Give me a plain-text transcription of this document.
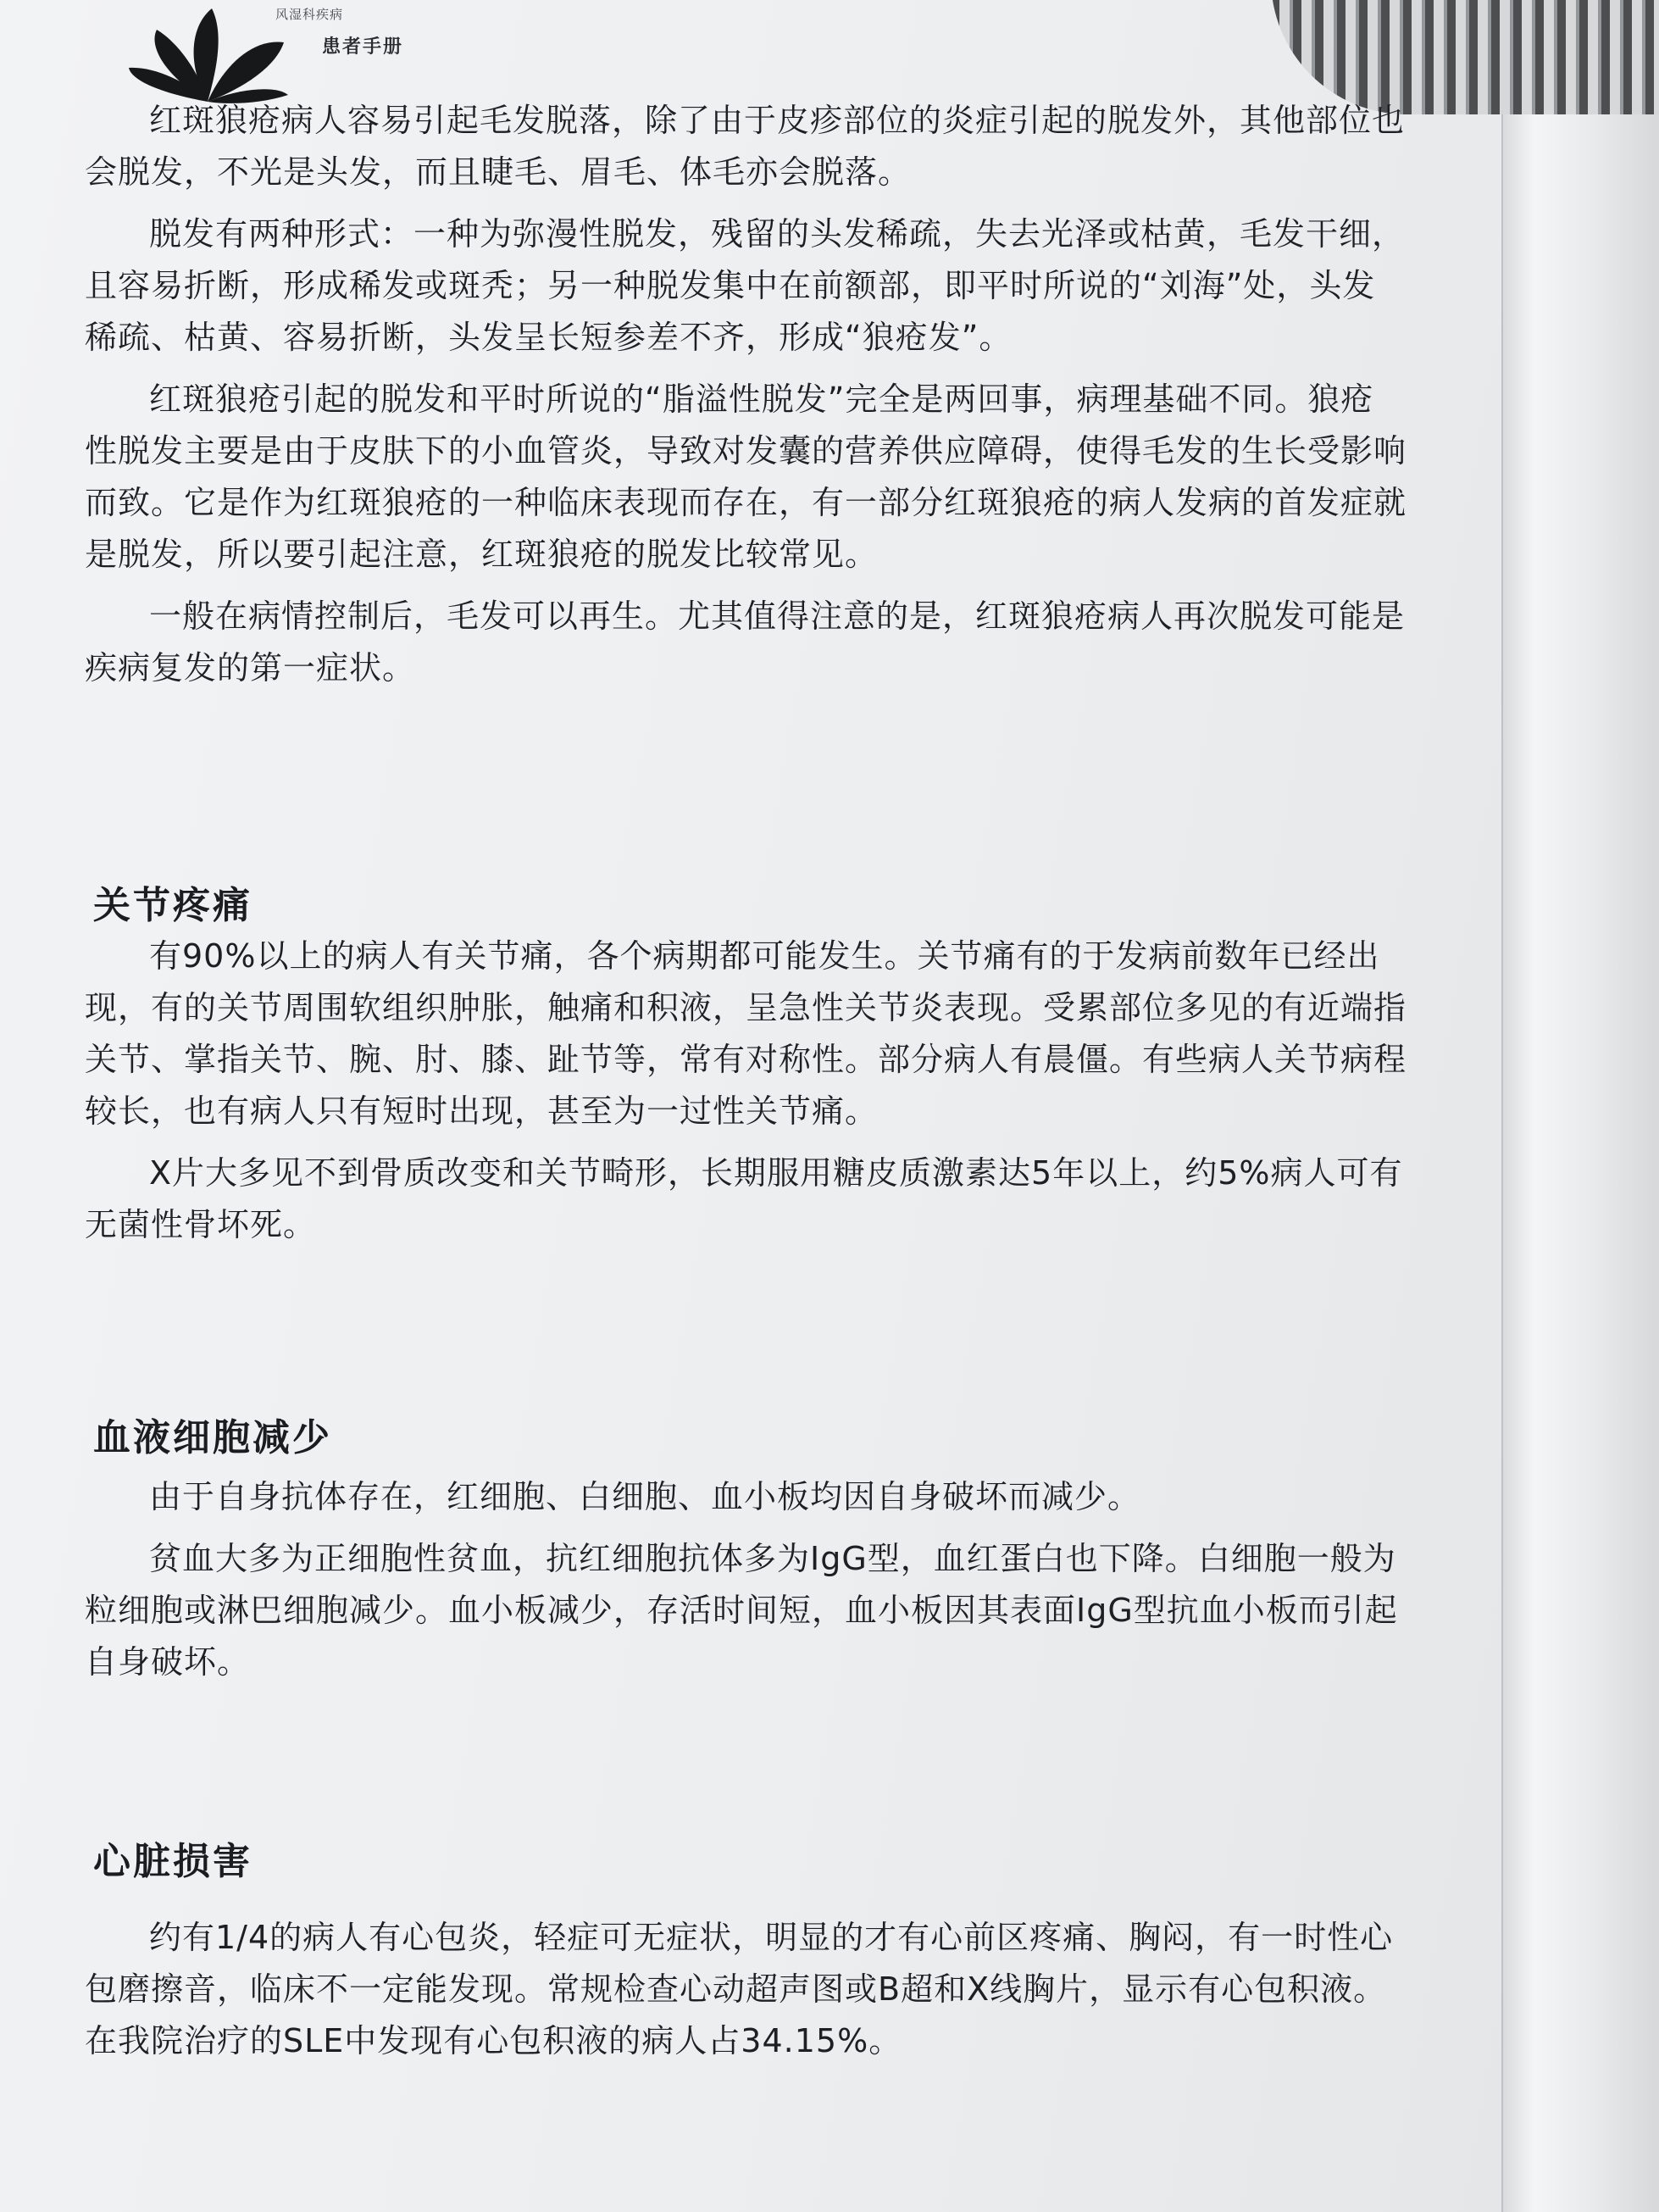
风湿科疾病
患者手册

红斑狼疮病人容易引起毛发脱落，除了由于皮疹部位的炎症引起的脱发外，其他部位也会脱发，不光是头发，而且睫毛、眉毛、体毛亦会脱落。

脱发有两种形式：一种为弥漫性脱发，残留的头发稀疏，失去光泽或枯黄，毛发干细，且容易折断，形成稀发或斑秃；另一种脱发集中在前额部，即平时所说的“刘海”处，头发稀疏、枯黄、容易折断，头发呈长短参差不齐，形成“狼疮发”。

红斑狼疮引起的脱发和平时所说的“脂溢性脱发”完全是两回事，病理基础不同。狼疮性脱发主要是由于皮肤下的小血管炎，导致对发囊的营养供应障碍，使得毛发的生长受影响而致。它是作为红斑狼疮的一种临床表现而存在，有一部分红斑狼疮的病人发病的首发症就是脱发，所以要引起注意，红斑狼疮的脱发比较常见。

一般在病情控制后，毛发可以再生。尤其值得注意的是，红斑狼疮病人再次脱发可能是疾病复发的第一症状。

关节疼痛

有90%以上的病人有关节痛，各个病期都可能发生。关节痛有的于发病前数年已经出现，有的关节周围软组织肿胀，触痛和积液，呈急性关节炎表现。受累部位多见的有近端指关节、掌指关节、腕、肘、膝、趾节等，常有对称性。部分病人有晨僵。有些病人关节病程较长，也有病人只有短时出现，甚至为一过性关节痛。

X片大多见不到骨质改变和关节畸形，长期服用糖皮质激素达5年以上，约5%病人可有无菌性骨坏死。

血液细胞减少

由于自身抗体存在，红细胞、白细胞、血小板均因自身破坏而减少。

贫血大多为正细胞性贫血，抗红细胞抗体多为IgG型，血红蛋白也下降。白细胞一般为粒细胞或淋巴细胞减少。血小板减少，存活时间短，血小板因其表面IgG型抗血小板而引起自身破坏。

心脏损害

约有1/4的病人有心包炎，轻症可无症状，明显的才有心前区疼痛、胸闷，有一时性心包磨擦音，临床不一定能发现。常规检查心动超声图或B超和X线胸片，显示有心包积液。在我院治疗的SLE中发现有心包积液的病人占34.15%。
